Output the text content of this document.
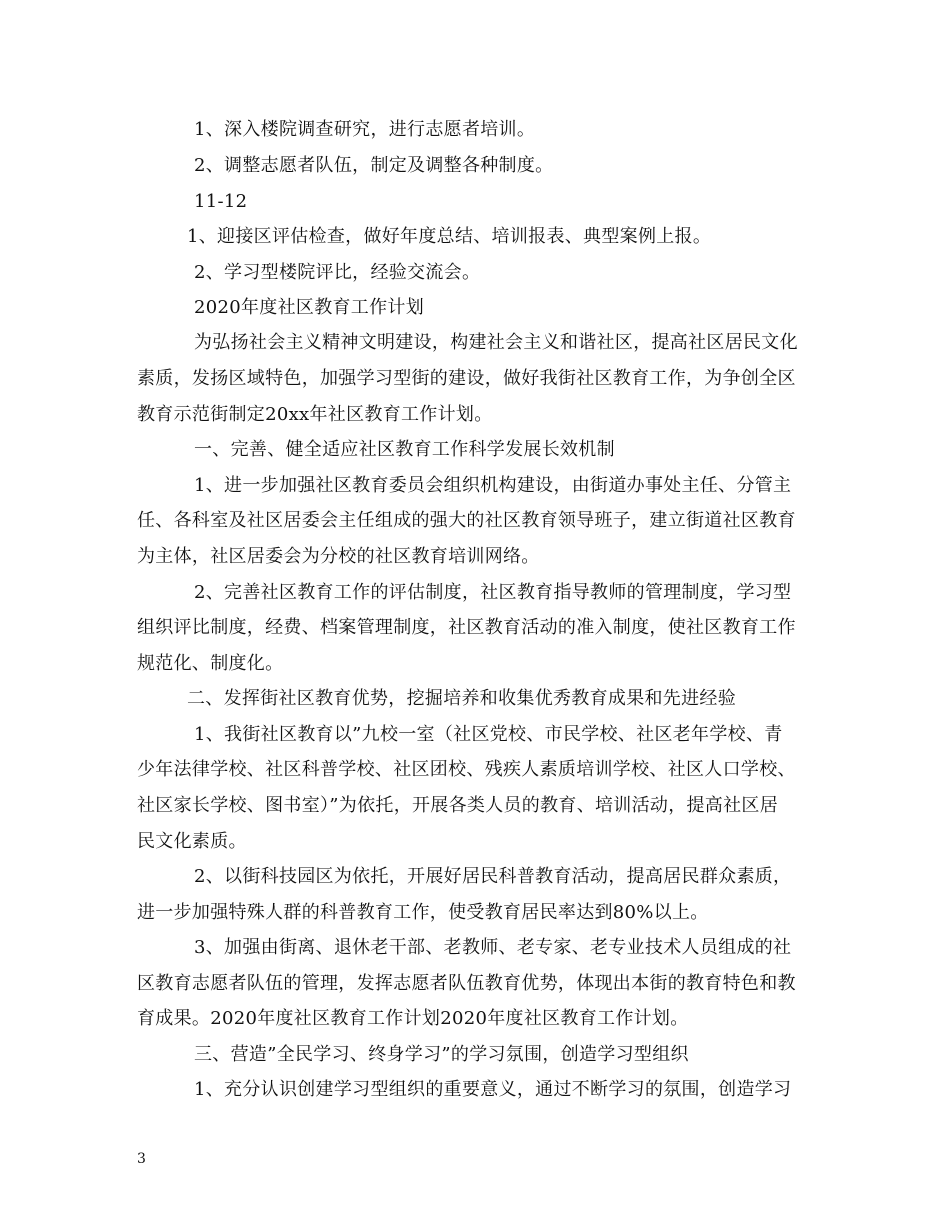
1、深入楼院调查研究，进行志愿者培训。
2、调整志愿者队伍，制定及调整各种制度。
11-12
1、迎接区评估检查，做好年度总结、培训报表、典型案例上报。
2、学习型楼院评比，经验交流会。
2020年度社区教育工作计划
为弘扬社会主义精神文明建设，构建社会主义和谐社区，提高社区居民文化
素质，发扬区域特色，加强学习型街的建设，做好我街社区教育工作，为争创全区
教育示范街制定20xx年社区教育工作计划。
一、完善、健全适应社区教育工作科学发展长效机制
1、进一步加强社区教育委员会组织机构建设，由街道办事处主任、分管主
任、各科室及社区居委会主任组成的强大的社区教育领导班子，建立街道社区教育
为主体，社区居委会为分校的社区教育培训网络。
2、完善社区教育工作的评估制度，社区教育指导教师的管理制度，学习型
组织评比制度，经费、档案管理制度，社区教育活动的准入制度，使社区教育工作
规范化、制度化。
二、发挥街社区教育优势，挖掘培养和收集优秀教育成果和先进经验
1、我街社区教育以”九校一室（社区党校、市民学校、社区老年学校、青
少年法律学校、社区科普学校、社区团校、残疾人素质培训学校、社区人口学校、
社区家长学校、图书室）”为依托，开展各类人员的教育、培训活动，提高社区居
民文化素质。
2、以街科技园区为依托，开展好居民科普教育活动，提高居民群众素质，
进一步加强特殊人群的科普教育工作，使受教育居民率达到80%以上。
3、加强由街离、退休老干部、老教师、老专家、老专业技术人员组成的社
区教育志愿者队伍的管理，发挥志愿者队伍教育优势，体现出本街的教育特色和教
育成果。2020年度社区教育工作计划2020年度社区教育工作计划。
三、营造”全民学习、终身学习”的学习氛围，创造学习型组织
1、充分认识创建学习型组织的重要意义，通过不断学习的氛围，创造学习
3
